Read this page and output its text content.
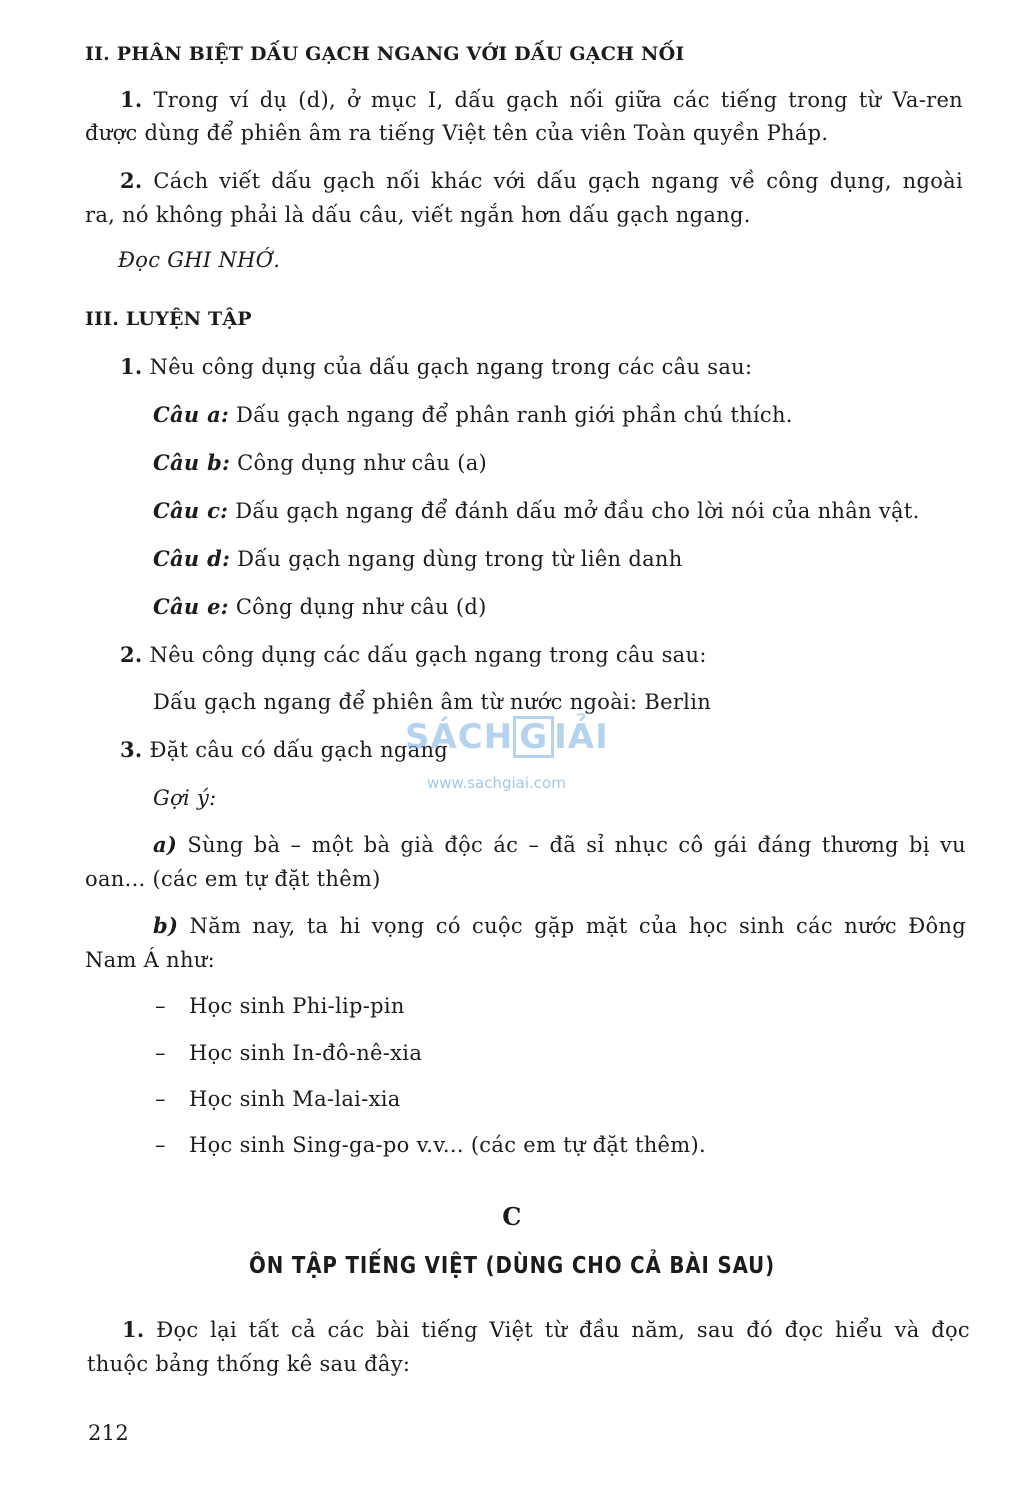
II. PHÂN BIỆT DẤU GẠCH NGANG VỚI DẤU GẠCH NỐI
1. Trong ví dụ (d), ở mục I, dấu gạch nối giữa các tiếng trong từ Va-ren
được dùng để phiên âm ra tiếng Việt tên của viên Toàn quyền Pháp.
2. Cách viết dấu gạch nối khác với dấu gạch ngang về công dụng, ngoài
ra, nó không phải là dấu câu, viết ngắn hơn dấu gạch ngang.
Đọc GHI NHỚ.
III. LUYỆN TẬP
1. Nêu công dụng của dấu gạch ngang trong các câu sau:
Câu a: Dấu gạch ngang để phân ranh giới phần chú thích.
Câu b: Công dụng như câu (a)
Câu c: Dấu gạch ngang để đánh dấu mở đầu cho lời nói của nhân vật.
Câu d: Dấu gạch ngang dùng trong từ liên danh
Câu e: Công dụng như câu (d)
2. Nêu công dụng các dấu gạch ngang trong câu sau:
Dấu gạch ngang để phiên âm từ nước ngoài: Berlin
3. Đặt câu có dấu gạch ngang
Gợi ý:
a) Sùng bà – một bà già độc ác – đã sỉ nhục cô gái đáng thương bị vu
oan... (các em tự đặt thêm)
b) Năm nay, ta hi vọng có cuộc gặp mặt của học sinh các nước Đông
Nam Á như:
– Học sinh Phi-lip-pin
– Học sinh In-đô-nê-xia
– Học sinh Ma-lai-xia
– Học sinh Sing-ga-po v.v... (các em tự đặt thêm).
C
ÔN TẬP TIẾNG VIỆT (DÙNG CHO CẢ BÀI SAU)
1. Đọc lại tất cả các bài tiếng Việt từ đầu năm, sau đó đọc hiểu và đọc
thuộc bảng thống kê sau đây:
212
SÁCH G IẢI
www.sachgiai.com
